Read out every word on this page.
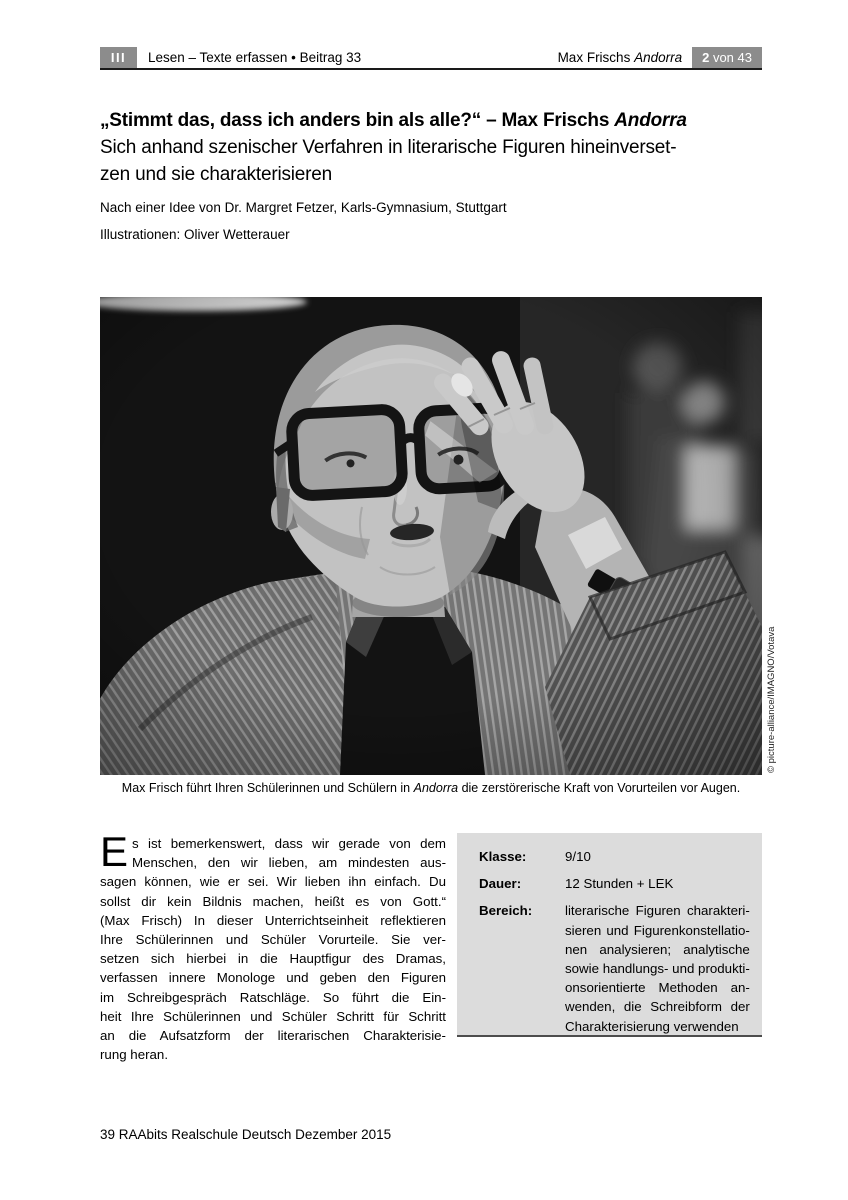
III	Lesen – Texte erfassen • Beitrag 33	Max Frischs Andorra	2 von 43
„Stimmt das, dass ich anders bin als alle?“ – Max Frischs Andorra
Sich anhand szenischer Verfahren in literarische Figuren hineinverset-
zen und sie charakterisieren
Nach einer Idee von Dr. Margret Fetzer, Karls-Gymnasium, Stuttgart
Illustrationen: Oliver Wetterauer
© picture-alliance/IMAGNO/Votava
Max Frisch führt Ihren Schülerinnen und Schülern in Andorra die zerstörerische Kraft von Vorurteilen vor Augen.
E s ist bemerkenswert, dass wir gerade von dem
Menschen, den wir lieben, am mindesten aus-
sagen können, wie er sei. Wir lieben ihn einfach. Du
sollst dir kein Bildnis machen, heißt es von Gott.“
(Max Frisch) In dieser Unterrichtseinheit reflektieren
Ihre Schülerinnen und Schüler Vorurteile. Sie ver-
setzen sich hierbei in die Hauptfigur des Dramas,
verfassen innere Monologe und geben den Figuren
im Schreibgespräch Ratschläge. So führt die Ein-
heit Ihre Schülerinnen und Schüler Schritt für Schritt
an die Aufsatzform der literarischen Charakterisie-
rung heran.
Klasse:	9/10
Dauer:	12 Stunden + LEK
Bereich:	literarische Figuren charakteri-
sieren und Figurenkonstellatio-
nen analysieren; analytische
sowie handlungs- und produkti-
onsorientierte Methoden an-
wenden, die Schreibform der
Charakterisierung verwenden
39 RAAbits Realschule Deutsch Dezember 2015
